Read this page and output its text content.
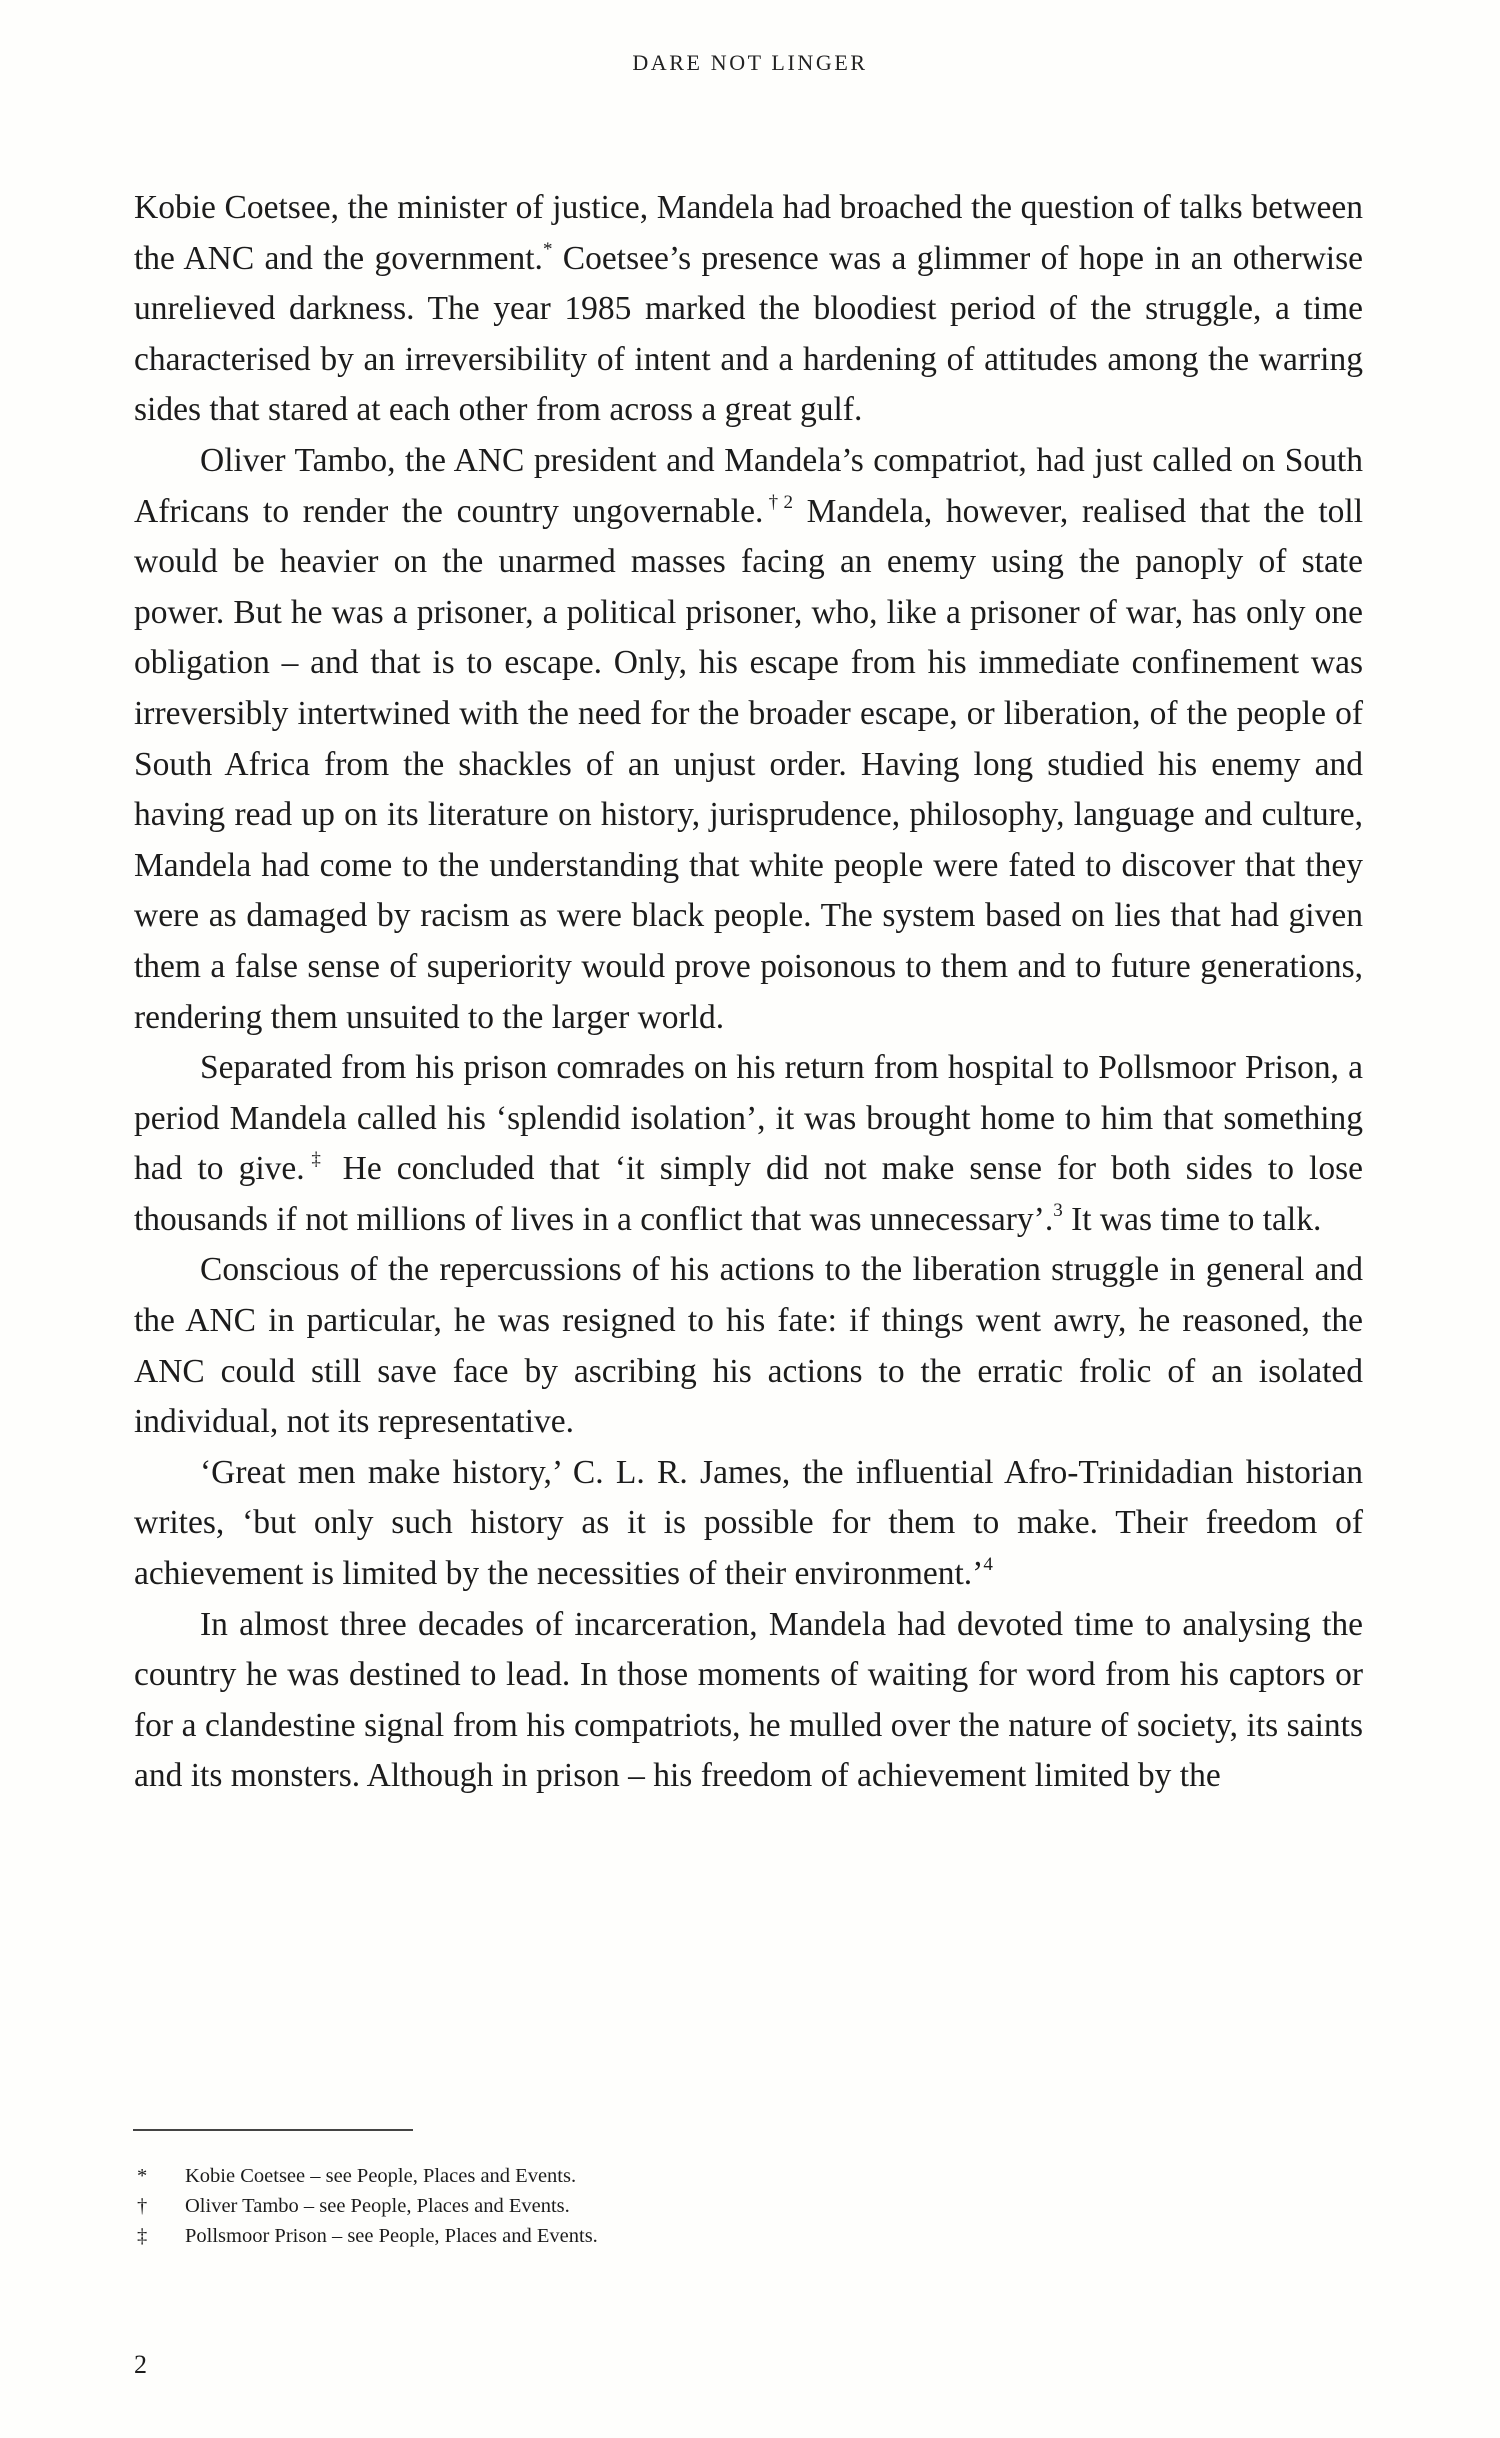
DARE NOT LINGER

Kobie Coetsee, the minister of justice, Mandela had broached the question of talks between the ANC and the government.* Coetsee’s presence was a glimmer of hope in an otherwise unrelieved darkness. The year 1985 marked the bloodiest period of the struggle, a time characterised by an irreversibility of intent and a hardening of attitudes among the warring sides that stared at each other from across a great gulf.

Oliver Tambo, the ANC president and Mandela’s compatriot, had just called on South Africans to render the country ungovernable.$^{\dagger 2}$ Mandela, however, realised that the toll would be heavier on the unarmed masses facing an enemy using the panoply of state power. But he was a prisoner, a political prisoner, who, like a prisoner of war, has only one obligation – and that is to escape. Only, his escape from his immediate confinement was irreversibly intertwined with the need for the broader escape, or liberation, of the people of South Africa from the shackles of an unjust order. Having long studied his enemy and having read up on its literature on history, jurisprudence, philosophy, language and culture, Mandela had come to the understanding that white people were fated to discover that they were as damaged by racism as were black people. The system based on lies that had given them a false sense of superiority would prove poisonous to them and to future generations, rendering them unsuited to the larger world.

Separated from his prison comrades on his return from hospital to Pollsmoor Prison, a period Mandela called his ‘splendid isolation’, it was brought home to him that something had to give.‡ He concluded that ‘it simply did not make sense for both sides to lose thousands if not millions of lives in a conflict that was unnecessary’.$^3$ It was time to talk.

Conscious of the repercussions of his actions to the liberation struggle in general and the ANC in particular, he was resigned to his fate: if things went awry, he reasoned, the ANC could still save face by ascribing his actions to the erratic frolic of an isolated individual, not its representative.

‘Great men make history,’ C. L. R. James, the influential Afro-Trinidadian historian writes, ‘but only such history as it is possible for them to make. Their freedom of achievement is limited by the necessities of their environment.’$^4$

In almost three decades of incarceration, Mandela had devoted time to analysing the country he was destined to lead. In those moments of waiting for word from his captors or for a clandestine signal from his compatriots, he mulled over the nature of society, its saints and its monsters. Although in prison – his freedom of achievement limited by the

*	Kobie Coetsee – see People, Places and Events.
†	Oliver Tambo – see People, Places and Events.
‡	Pollsmoor Prison – see People, Places and Events.
2
